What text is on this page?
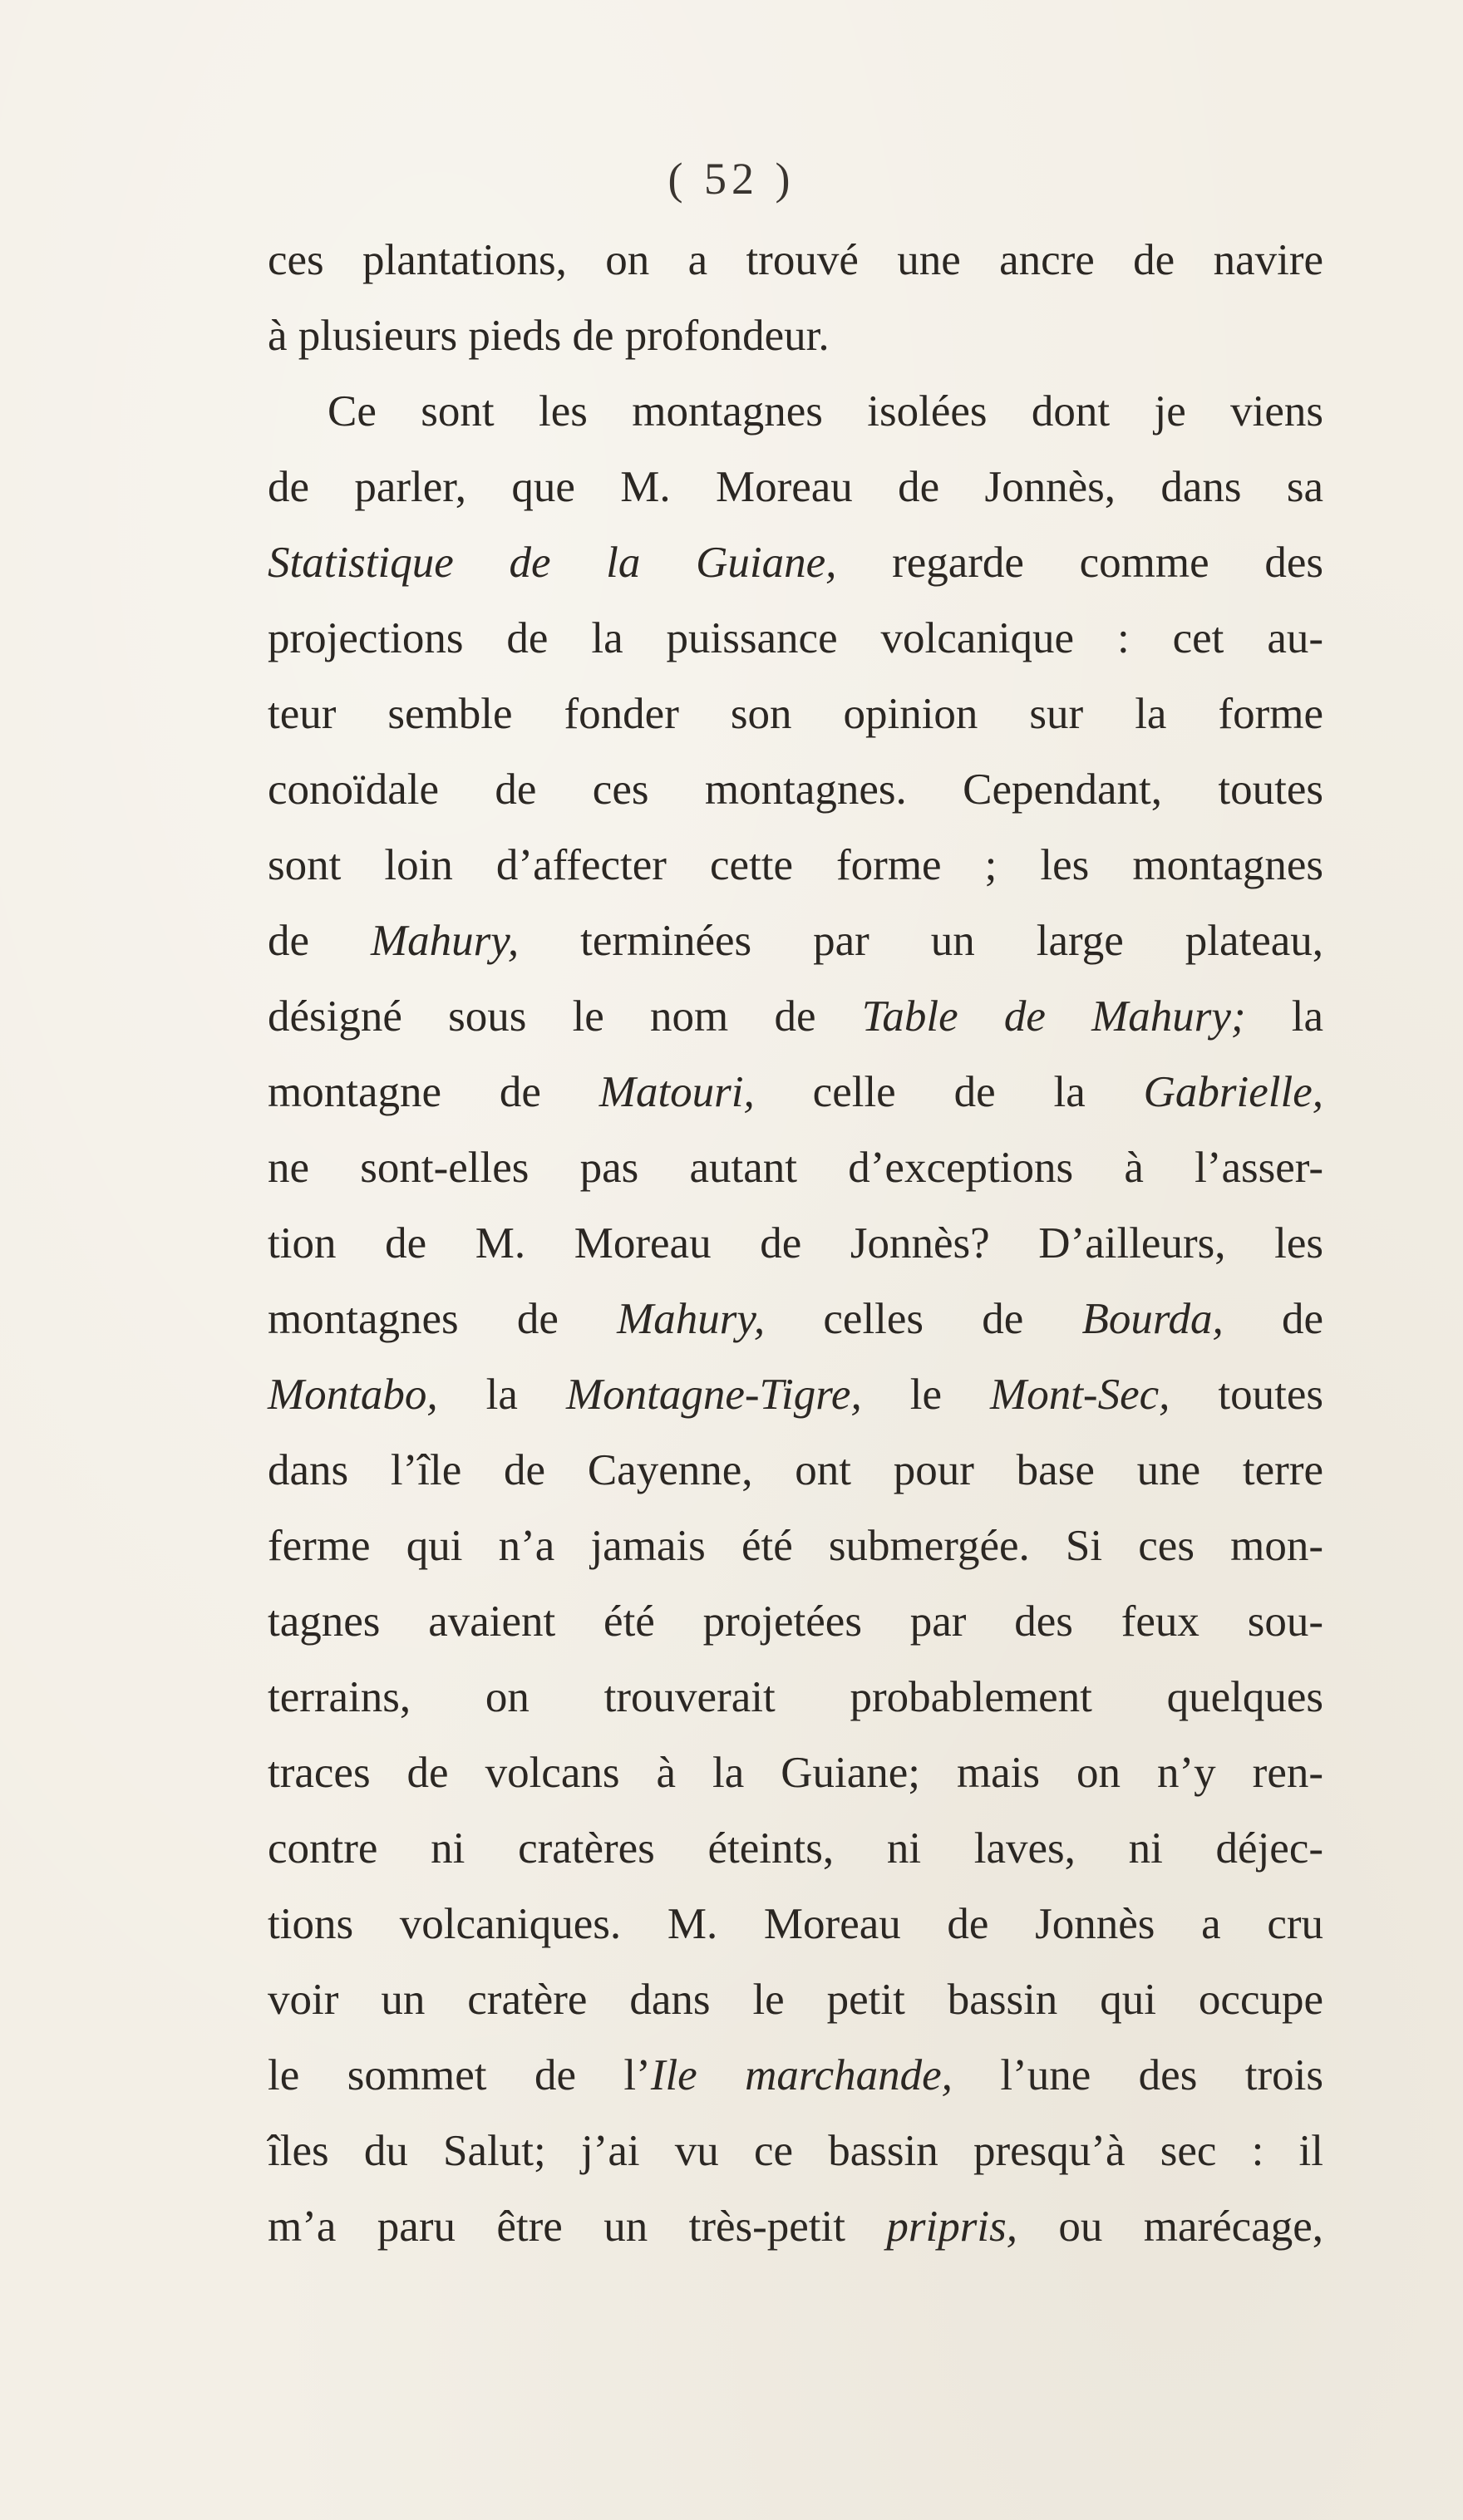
( 52 )
ces plantations, on a trouvé une ancre de navire
à plusieurs pieds de profondeur.
Ce sont les montagnes isolées dont je viens
de parler, que M. Moreau de Jonnès, dans sa
Statistique de la Guiane, regarde comme des
projections de la puissance volcanique : cet au-
teur semble fonder son opinion sur la forme
conoïdale de ces montagnes. Cependant, toutes
sont loin d’affecter cette forme ; les montagnes
de Mahury, terminées par un large plateau,
désigné sous le nom de Table de Mahury; la
montagne de Matouri, celle de la Gabrielle,
ne sont-elles pas autant d’exceptions à l’asser-
tion de M. Moreau de Jonnès? D’ailleurs, les
montagnes de Mahury, celles de Bourda, de
Montabo, la Montagne-Tigre, le Mont-Sec, toutes
dans l’île de Cayenne, ont pour base une terre
ferme qui n’a jamais été submergée. Si ces mon-
tagnes avaient été projetées par des feux sou-
terrains, on trouverait probablement quelques
traces de volcans à la Guiane; mais on n’y ren-
contre ni cratères éteints, ni laves, ni déjec-
tions volcaniques. M. Moreau de Jonnès a cru
voir un cratère dans le petit bassin qui occupe
le sommet de l’Ile marchande, l’une des trois
îles du Salut; j’ai vu ce bassin presqu’à sec : il
m’a paru être un très-petit pripris, ou marécage,
